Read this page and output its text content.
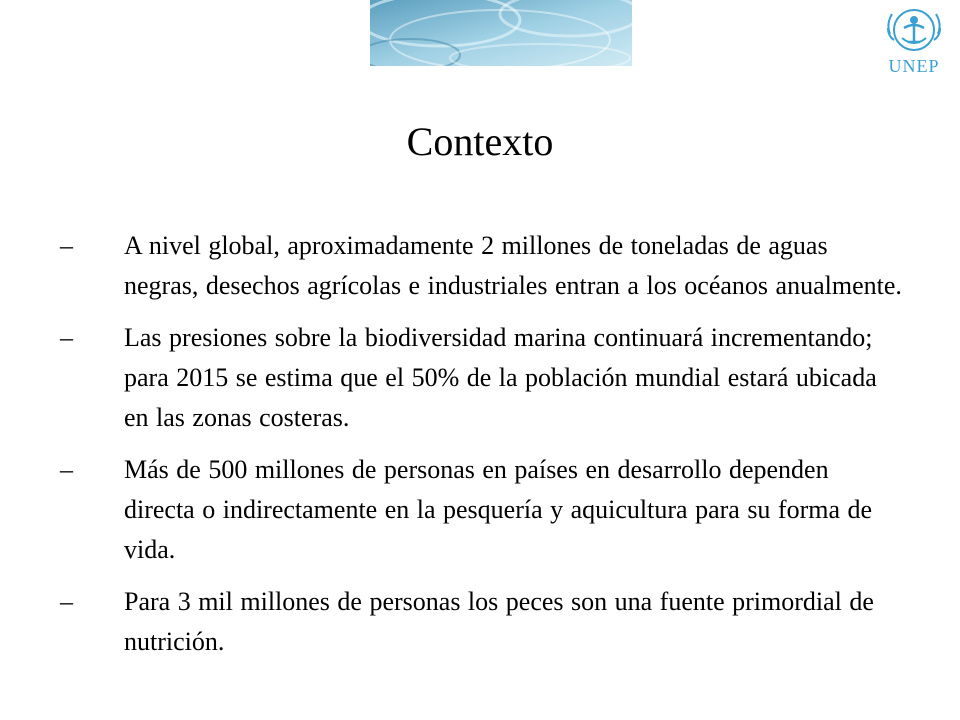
UNEP
Contexto
–	A nivel global, aproximadamente 2 millones de toneladas de aguas negras, desechos agrícolas e industriales entran a los océanos anualmente.
–	Las presiones sobre la biodiversidad marina continuará incrementando; para 2015 se estima que el 50% de la población mundial estará ubicada en las zonas costeras.
–	Más de 500 millones de personas en países en desarrollo dependen directa o indirectamente en la pesquería y aquicultura para su forma de vida.
–	Para 3 mil millones de personas los peces son una fuente primordial de nutrición.
